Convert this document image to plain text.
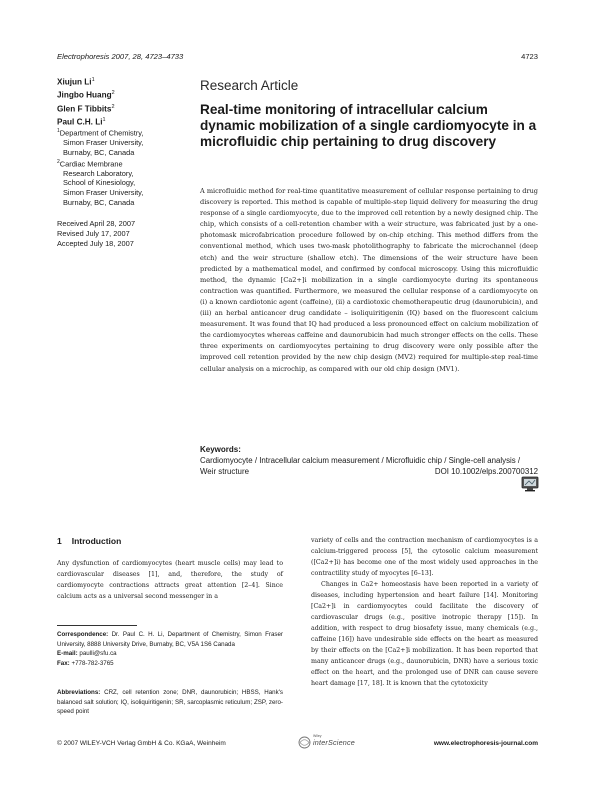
Electrophoresis 2007, 28, 4723–4733	4723
Xiujun Li$^1$
Jingbo Huang$^2$
Glen F Tibbits$^2$
Paul C.H. Li$^1$
$^1$Department of Chemistry,
Simon Fraser University,
Burnaby, BC, Canada
$^2$Cardiac Membrane
Research Laboratory,
School of Kinesiology,
Simon Fraser University,
Burnaby, BC, Canada
Received April 28, 2007
Revised July 17, 2007
Accepted July 18, 2007
Research Article
Real-time monitoring of intracellular calcium dynamic mobilization of a single cardiomyocyte in a microfluidic chip pertaining to drug discovery
A microfluidic method for real-time quantitative measurement of cellular response pertaining to drug discovery is reported. This method is capable of multiple-step liquid delivery for measuring the drug response of a single cardiomyocyte, due to the improved cell retention by a newly designed chip. The chip, which consists of a cell-retention chamber with a weir structure, was fabricated just by a one-photomask microfabrication procedure followed by on-chip etching. This method differs from the conventional method, which uses two-mask photolithography to fabricate the microchannel (deep etch) and the weir structure (shallow etch). The dimensions of the weir structure have been predicted by a mathematical model, and confirmed by confocal microscopy. Using this microfluidic method, the dynamic [Ca2+]i mobilization in a single cardiomyocyte during its spontaneous contraction was quantified. Furthermore, we measured the cellular response of a cardiomyocyte on (i) a known cardiotonic agent (caffeine), (ii) a cardiotoxic chemotherapeutic drug (daunorubicin), and (iii) an herbal anticancer drug candidate – isoliquiritigenin (IQ) based on the fluorescent calcium measurement. It was found that IQ had produced a less pronounced effect on calcium mobilization of the cardiomyocytes whereas caffeine and daunorubicin had much stronger effects on the cells. These three experiments on cardiomyocytes pertaining to drug discovery were only possible after the improved cell retention provided by the new chip design (MV2) required for multiple-step real-time cellular analysis on a microchip, as compared with our old chip design (MV1).
Keywords:
Cardiomyocyte / Intracellular calcium measurement / Microfluidic chip / Single-cell analysis / Weir structure	DOI 10.1002/elps.200700312
1 Introduction
Any dysfunction of cardiomyocytes (heart muscle cells) may lead to cardiovascular diseases [1], and, therefore, the study of cardiomyocyte contractions attracts great attention [2–4]. Since calcium acts as a universal second messenger in a

variety of cells and the contraction mechanism of cardiomyocytes is a calcium-triggered process [5], the cytosolic calcium measurement ([Ca2+]i) has become one of the most widely used approaches in the contractility study of myocytes [6–13].

Changes in Ca2+ homeostasis have been reported in a variety of diseases, including hypertension and heart failure [14]. Monitoring [Ca2+]i in cardiomyocytes could facilitate the discovery of cardiovascular drugs (e.g., positive inotropic therapy [15]). In addition, with respect to drug biosafety issue, many chemicals (e.g., caffeine [16]) have undesirable side effects on the heart as measured by their effects on the [Ca2+]i mobilization. It has been reported that many anticancer drugs (e.g., daunorubicin, DNR) have a serious toxic effect on the heart, and the prolonged use of DNR can cause severe heart damage [17, 18]. It is known that the cytotoxicity

Correspondence: Dr. Paul C. H. Li, Department of Chemistry, Simon Fraser University, 8888 University Drive, Burnaby, BC, V5A 1S6 Canada
E-mail: paulli@sfu.ca
Fax: +778-782-3765
Abbreviations: CRZ, cell retention zone; DNR, daunorubicin; HBSS, Hank's balanced salt solution; IQ, isoliquiritigenin; SR, sarcoplasmic reticulum; ZSP, zero-speed point
© 2007 WILEY-VCH Verlag GmbH & Co. KGaA, Weinheim
Wiley
interScience	www.electrophoresis-journal.com
